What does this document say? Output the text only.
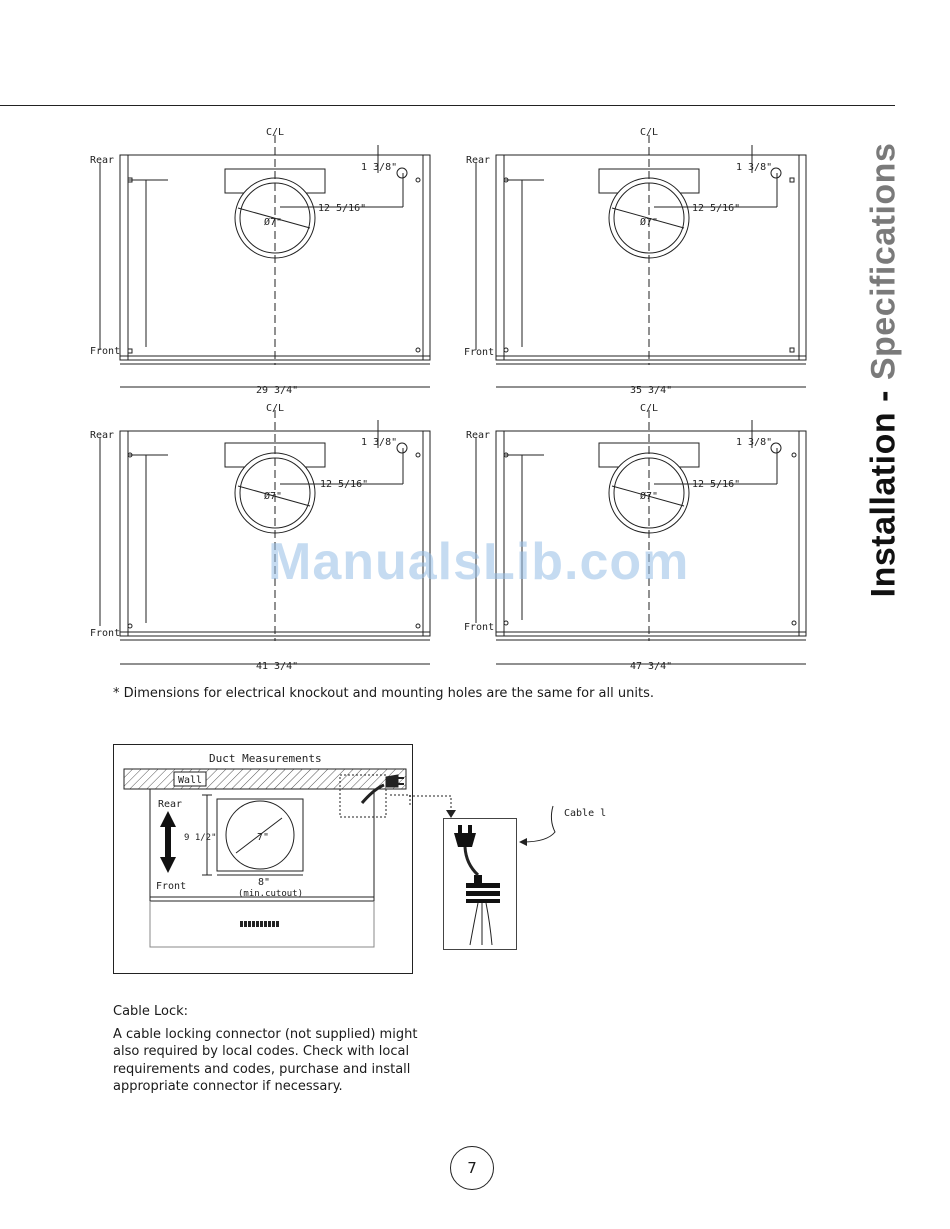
Installation - Specifications
C/L
Rear
Front
1 3/8"
12 5/16"
Ø7"
29 3/4"
C/L
Rear
Front
1 3/8"
12 5/16"
Ø7"
35 3/4"
C/L
Rear
Front
1 3/8"
12 5/16"
Ø7"
41 3/4"
C/L
Rear
Front
1 3/8"
12 5/16"
Ø7"
47 3/4"
ManualsLib.com
* Dimensions for electrical knockout and mounting holes are the same for all units.
Duct Measurements
Wall
Rear
Front
9 1/2"	7"
8"
(min.cutout)
Cable l
Cable Lock:
A cable locking connector (not supplied) might also required by local codes. Check with local requirements and codes, purchase and install appropriate connector if necessary.
7
